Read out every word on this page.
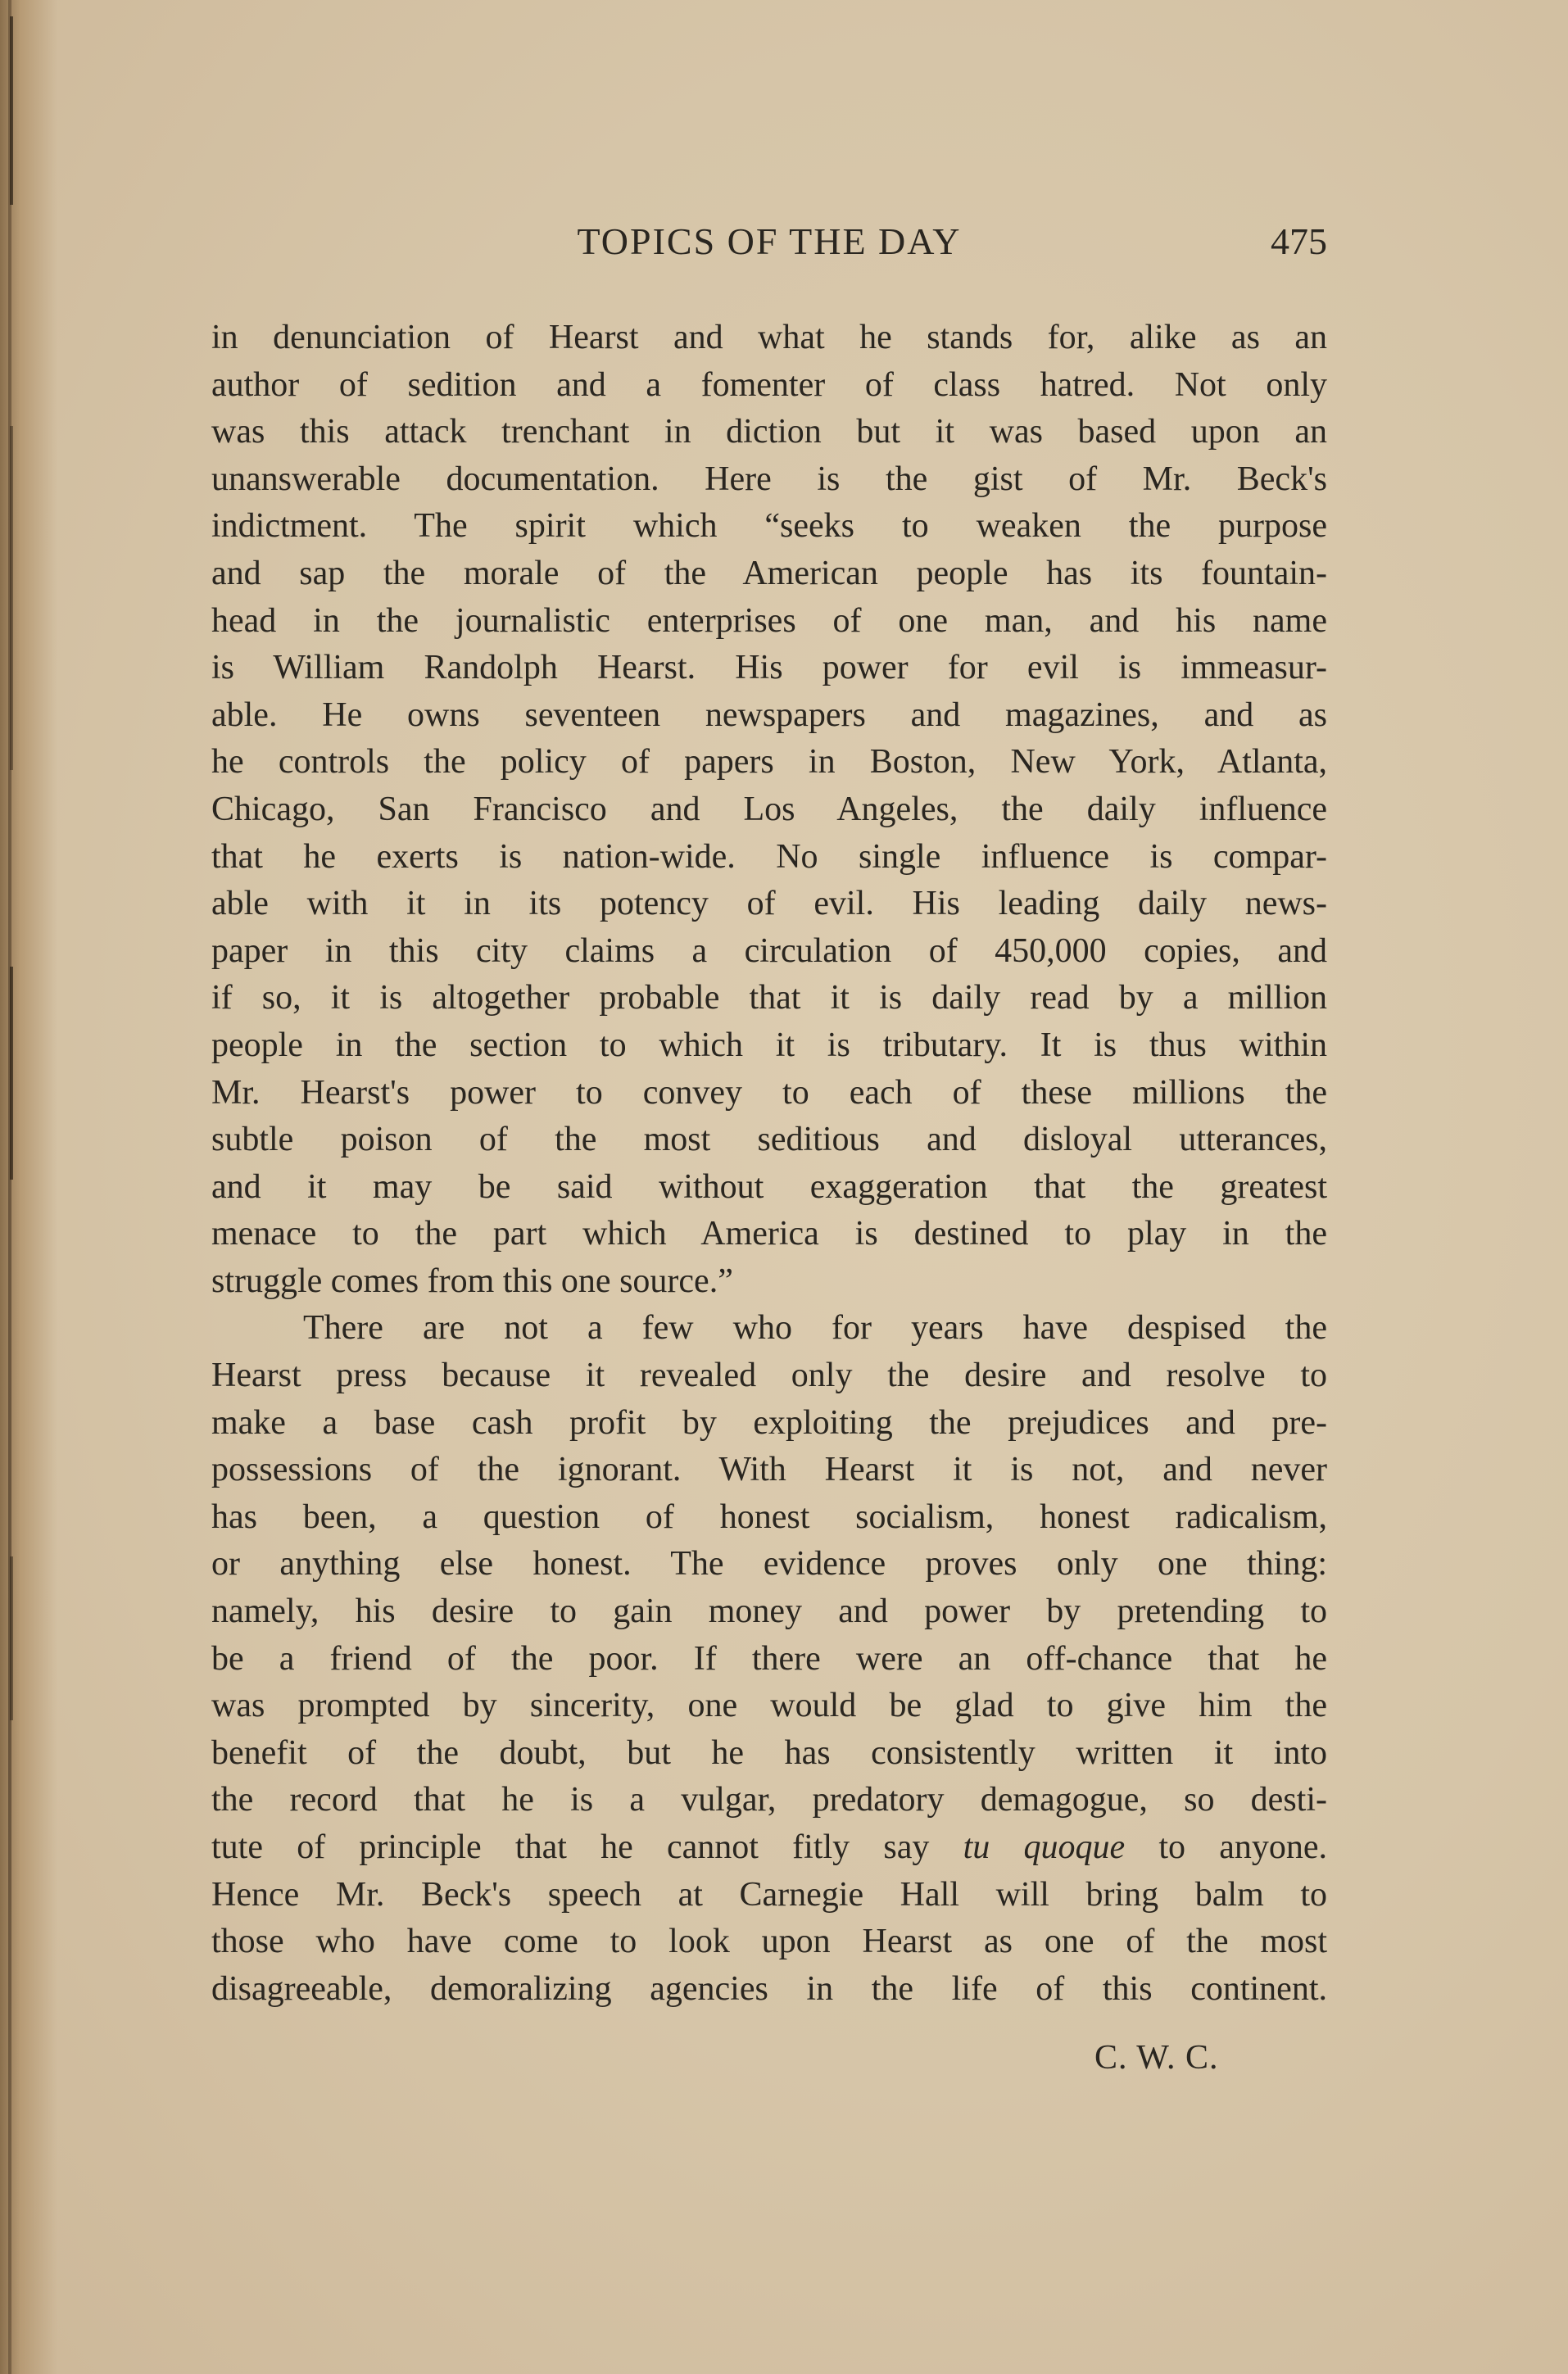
TOPICS OF THE DAY	475
in denunciation of Hearst and what he stands for, alike as an
author of sedition and a fomenter of class hatred. Not only
was this attack trenchant in diction but it was based upon an
unanswerable documentation. Here is the gist of Mr. Beck's
indictment. The spirit which “seeks to weaken the purpose
and sap the morale of the American people has its fountain-
head in the journalistic enterprises of one man, and his name
is William Randolph Hearst. His power for evil is immeasur-
able. He owns seventeen newspapers and magazines, and as
he controls the policy of papers in Boston, New York, Atlanta,
Chicago, San Francisco and Los Angeles, the daily influence
that he exerts is nation-wide. No single influence is compar-
able with it in its potency of evil. His leading daily news-
paper in this city claims a circulation of 450,000 copies, and
if so, it is altogether probable that it is daily read by a million
people in the section to which it is tributary. It is thus within
Mr. Hearst's power to convey to each of these millions the
subtle poison of the most seditious and disloyal utterances,
and it may be said without exaggeration that the greatest
menace to the part which America is destined to play in the
struggle comes from this one source.”
There are not a few who for years have despised the
Hearst press because it revealed only the desire and resolve to
make a base cash profit by exploiting the prejudices and pre-
possessions of the ignorant. With Hearst it is not, and never
has been, a question of honest socialism, honest radicalism,
or anything else honest. The evidence proves only one thing:
namely, his desire to gain money and power by pretending to
be a friend of the poor. If there were an off-chance that he
was prompted by sincerity, one would be glad to give him the
benefit of the doubt, but he has consistently written it into
the record that he is a vulgar, predatory demagogue, so desti-
tute of principle that he cannot fitly say tu quoque to anyone.
Hence Mr. Beck's speech at Carnegie Hall will bring balm to
those who have come to look upon Hearst as one of the most
disagreeable, demoralizing agencies in the life of this continent.
C. W. C.
